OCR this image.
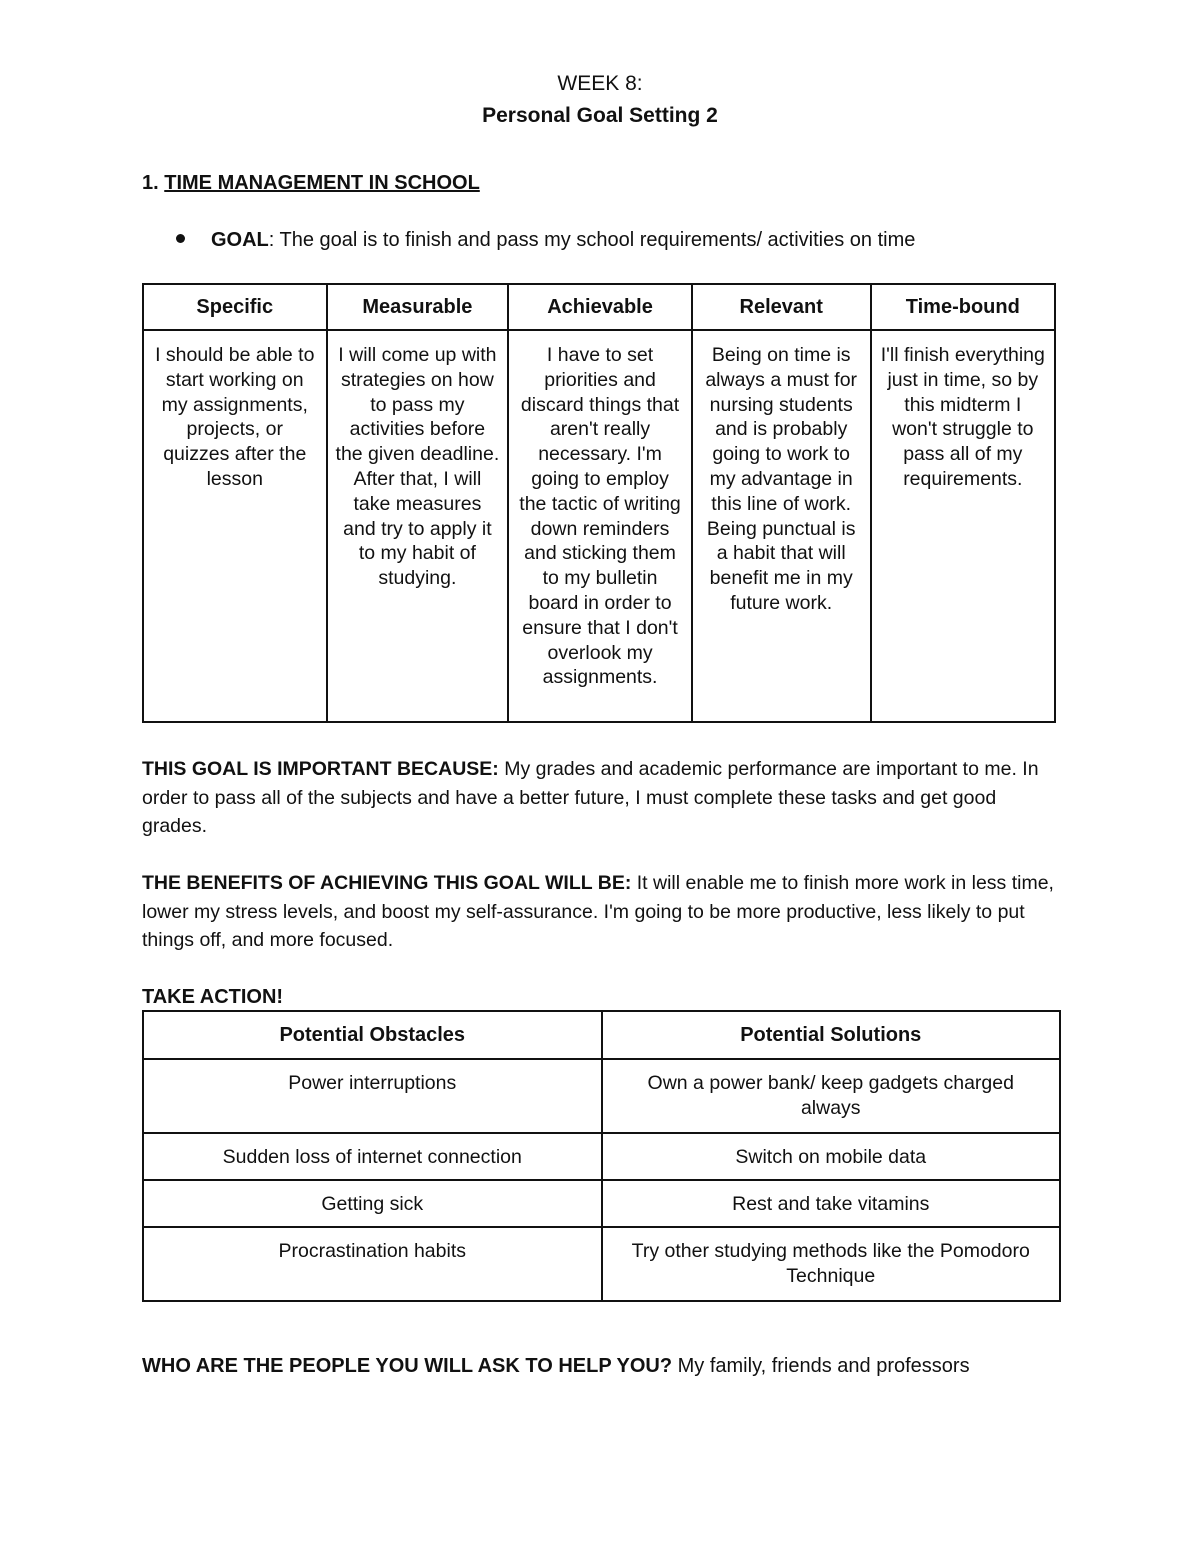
WEEK 8:
Personal Goal Setting 2
1. TIME MANAGEMENT IN SCHOOL
GOAL: The goal is to finish and pass my school requirements/ activities on time
Specific	Measurable	Achievable	Relevant	Time-bound
I should be able to start working on my assignments, projects, or quizzes after the lesson	I will come up with strategies on how to pass my activities before the given deadline. After that, I will take measures and try to apply it to my habit of studying.	I have to set priorities and discard things that aren't really necessary. I'm going to employ the tactic of writing down reminders and sticking them to my bulletin board in order to ensure that I don't overlook my assignments.	Being on time is always a must for nursing students and is probably going to work to my advantage in this line of work. Being punctual is a habit that will benefit me in my future work.	I'll finish everything just in time, so by this midterm I won't struggle to pass all of my requirements.
THIS GOAL IS IMPORTANT BECAUSE: My grades and academic performance are important to me. In order to pass all of the subjects and have a better future, I must complete these tasks and get good grades.
THE BENEFITS OF ACHIEVING THIS GOAL WILL BE: It will enable me to finish more work in less time, lower my stress levels, and boost my self-assurance. I'm going to be more productive, less likely to put things off, and more focused.
TAKE ACTION!
Potential Obstacles	Potential Solutions
Power interruptions	Own a power bank/ keep gadgets charged always
Sudden loss of internet connection	Switch on mobile data
Getting sick	Rest and take vitamins
Procrastination habits	Try other studying methods like the Pomodoro Technique
WHO ARE THE PEOPLE YOU WILL ASK TO HELP YOU? My family, friends and professors
